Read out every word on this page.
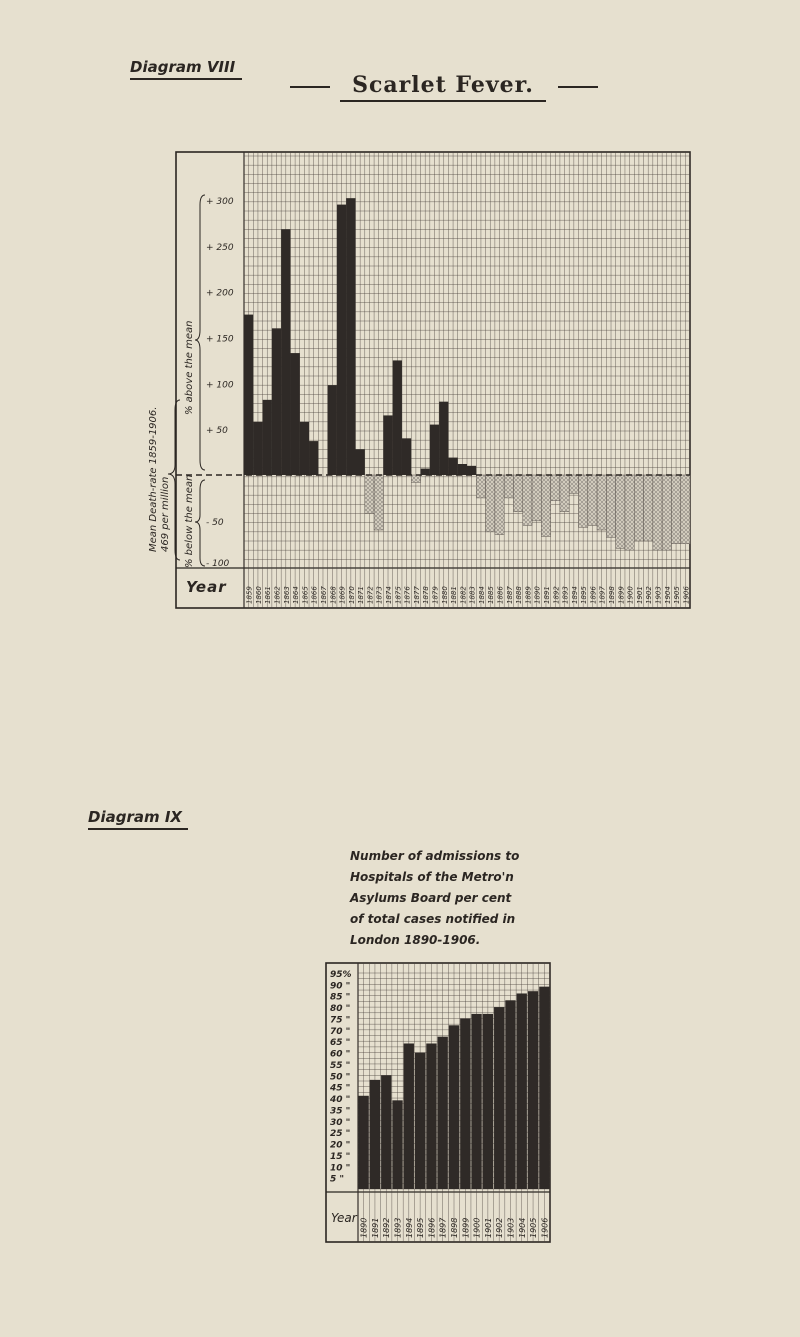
Diagram VIII
Scarlet Fever.
+ 300
+ 250
+ 200
+ 150
+ 100
+ 50
- 50
- 100
% above the mean
% below the mean
Mean Death-rate 1859-1906. 469 per million
Year	1859 1860 1861 1862 1863 1864 1865 1866 1867 1868 1869 1870 1871 1872 1873 1874 1875 1876 1877 1878 1879 1880 1881 1882 1883 1884 1885 1886 1887 1888 1889 1890 1891 1892 1893 1894 1895 1896 1897 1898 1899 1900 1901 1902 1903 1904 1905 1906
95%
90 "
85 "
80 "
75 "
70 "
65 "
60 "
55 "
50 "
45 "
40 "
35 "
30 "
25 "
20 "
15 "
10 "
5 "
Year 1890 1891 1892 1893 1894 1895 1896 1897 1898 1899 1900 1901 1902 1903 1904 1905 1906
Diagram IX
Number of admissions to
Hospitals of the Metro'n
Asylums Board per cent
of total cases notified in
London 1890-1906.
